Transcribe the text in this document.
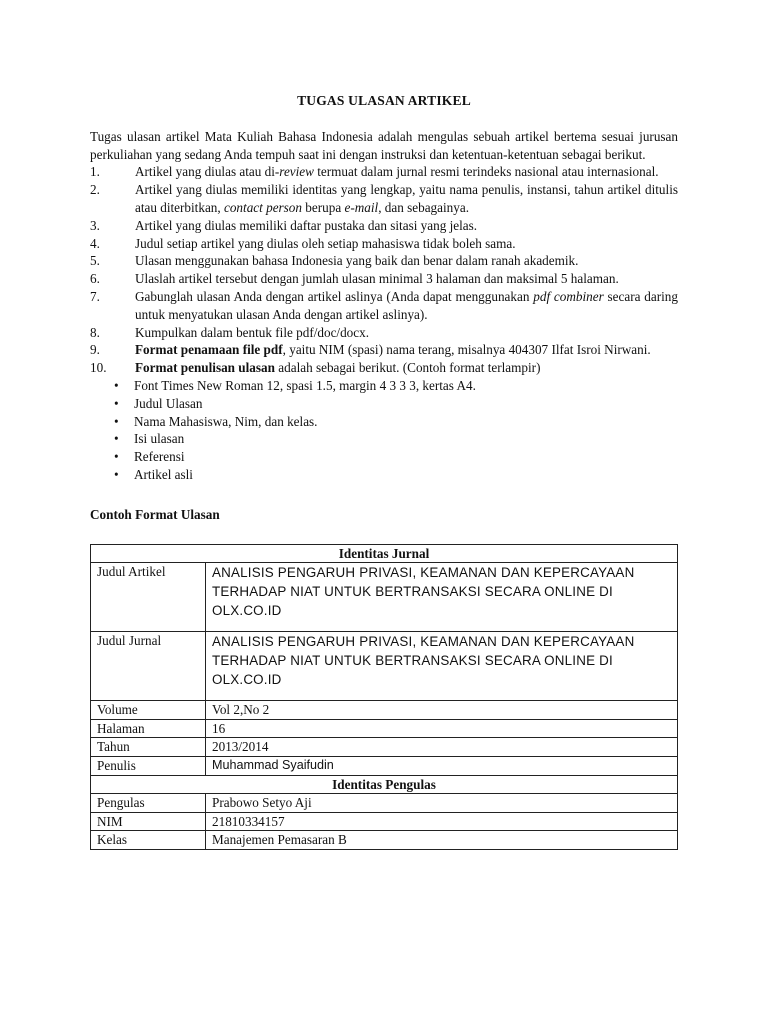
TUGAS ULASAN ARTIKEL

Tugas ulasan artikel Mata Kuliah Bahasa Indonesia adalah mengulas sebuah artikel bertema sesuai jurusan perkuliahan yang sedang Anda tempuh saat ini dengan instruksi dan ketentuan-ketentuan sebagai berikut.

1.	Artikel yang diulas atau di-review termuat dalam jurnal resmi terindeks nasional atau internasional.
2.	Artikel yang diulas memiliki identitas yang lengkap, yaitu nama penulis, instansi, tahun artikel ditulis atau diterbitkan, contact person berupa e-mail, dan sebagainya.
3.	Artikel yang diulas memiliki daftar pustaka dan sitasi yang jelas.
4.	Judul setiap artikel yang diulas oleh setiap mahasiswa tidak boleh sama.
5.	Ulasan menggunakan bahasa Indonesia yang baik dan benar dalam ranah akademik.
6.	Ulaslah artikel tersebut dengan jumlah ulasan minimal 3 halaman dan maksimal 5 halaman.
7.	Gabunglah ulasan Anda dengan artikel aslinya (Anda dapat menggunakan pdf combiner secara daring untuk menyatukan ulasan Anda dengan artikel aslinya).
8.	Kumpulkan dalam bentuk file pdf/doc/docx.
9.	Format penamaan file pdf, yaitu NIM (spasi) nama terang, misalnya 404307 Ilfat Isroi Nirwani.
10. Format penulisan ulasan adalah sebagai berikut. (Contoh format terlampir)
• Font Times New Roman 12, spasi 1.5, margin 4 3 3 3, kertas A4.
• Judul Ulasan
• Nama Mahasiswa, Nim, dan kelas.
• Isi ulasan
• Referensi
• Artikel asli
Contoh Format Ulasan
Identitas Jurnal	
Judul Artikel	ANALISIS PENGARUH PRIVASI, KEAMANAN DAN KEPERCAYAAN TERHADAP NIAT UNTUK BERTRANSAKSI SECARA ONLINE DI OLX.CO.ID
Judul Jurnal	ANALISIS PENGARUH PRIVASI, KEAMANAN DAN KEPERCAYAAN TERHADAP NIAT UNTUK BERTRANSAKSI SECARA ONLINE DI OLX.CO.ID
Volume	Vol 2,No 2
Halaman	16
Tahun	2013/2014
Penulis	Muhammad Syaifudin
Identitas Pengulas	
Pengulas	Prabowo Setyo Aji
NIM	21810334157
Kelas	Manajemen Pemasaran B
